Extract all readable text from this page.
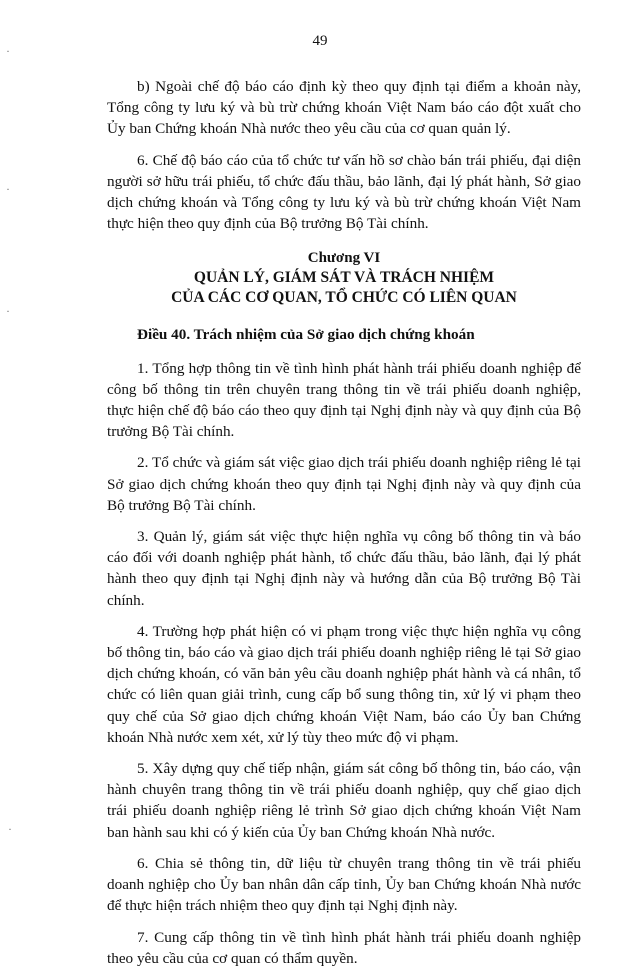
49
·
·
·
·

b) Ngoài chế độ báo cáo định kỳ theo quy định tại điểm a khoản này, Tổng công ty lưu ký và bù trừ chứng khoán Việt Nam báo cáo đột xuất cho Ủy ban Chứng khoán Nhà nước theo yêu cầu của cơ quan quản lý.

6. Chế độ báo cáo của tổ chức tư vấn hồ sơ chào bán trái phiếu, đại diện người sở hữu trái phiếu, tổ chức đấu thầu, bảo lãnh, đại lý phát hành, Sở giao dịch chứng khoán và Tổng công ty lưu ký và bù trừ chứng khoán Việt Nam thực hiện theo quy định của Bộ trưởng Bộ Tài chính.

Chương VI
QUẢN LÝ, GIÁM SÁT VÀ TRÁCH NHIỆM
CỦA CÁC CƠ QUAN, TỔ CHỨC CÓ LIÊN QUAN

Điều 40. Trách nhiệm của Sở giao dịch chứng khoán

1. Tổng hợp thông tin về tình hình phát hành trái phiếu doanh nghiệp để công bố thông tin trên chuyên trang thông tin về trái phiếu doanh nghiệp, thực hiện chế độ báo cáo theo quy định tại Nghị định này và quy định của Bộ trưởng Bộ Tài chính.

2. Tổ chức và giám sát việc giao dịch trái phiếu doanh nghiệp riêng lẻ tại Sở giao dịch chứng khoán theo quy định tại Nghị định này và quy định của Bộ trưởng Bộ Tài chính.

3. Quản lý, giám sát việc thực hiện nghĩa vụ công bố thông tin và báo cáo đối với doanh nghiệp phát hành, tổ chức đấu thầu, bảo lãnh, đại lý phát hành theo quy định tại Nghị định này và hướng dẫn của Bộ trưởng Bộ Tài chính.

4. Trường hợp phát hiện có vi phạm trong việc thực hiện nghĩa vụ công bố thông tin, báo cáo và giao dịch trái phiếu doanh nghiệp riêng lẻ tại Sở giao dịch chứng khoán, có văn bản yêu cầu doanh nghiệp phát hành và cá nhân, tổ chức có liên quan giải trình, cung cấp bổ sung thông tin, xử lý vi phạm theo quy chế của Sở giao dịch chứng khoán Việt Nam, báo cáo Ủy ban Chứng khoán Nhà nước xem xét, xử lý tùy theo mức độ vi phạm.

5. Xây dựng quy chế tiếp nhận, giám sát công bố thông tin, báo cáo, vận hành chuyên trang thông tin về trái phiếu doanh nghiệp, quy chế giao dịch trái phiếu doanh nghiệp riêng lẻ trình Sở giao dịch chứng khoán Việt Nam ban hành sau khi có ý kiến của Ủy ban Chứng khoán Nhà nước.

6. Chia sẻ thông tin, dữ liệu từ chuyên trang thông tin về trái phiếu doanh nghiệp cho Ủy ban nhân dân cấp tỉnh, Ủy ban Chứng khoán Nhà nước để thực hiện trách nhiệm theo quy định tại Nghị định này.

7. Cung cấp thông tin về tình hình phát hành trái phiếu doanh nghiệp theo yêu cầu của cơ quan có thẩm quyền.
